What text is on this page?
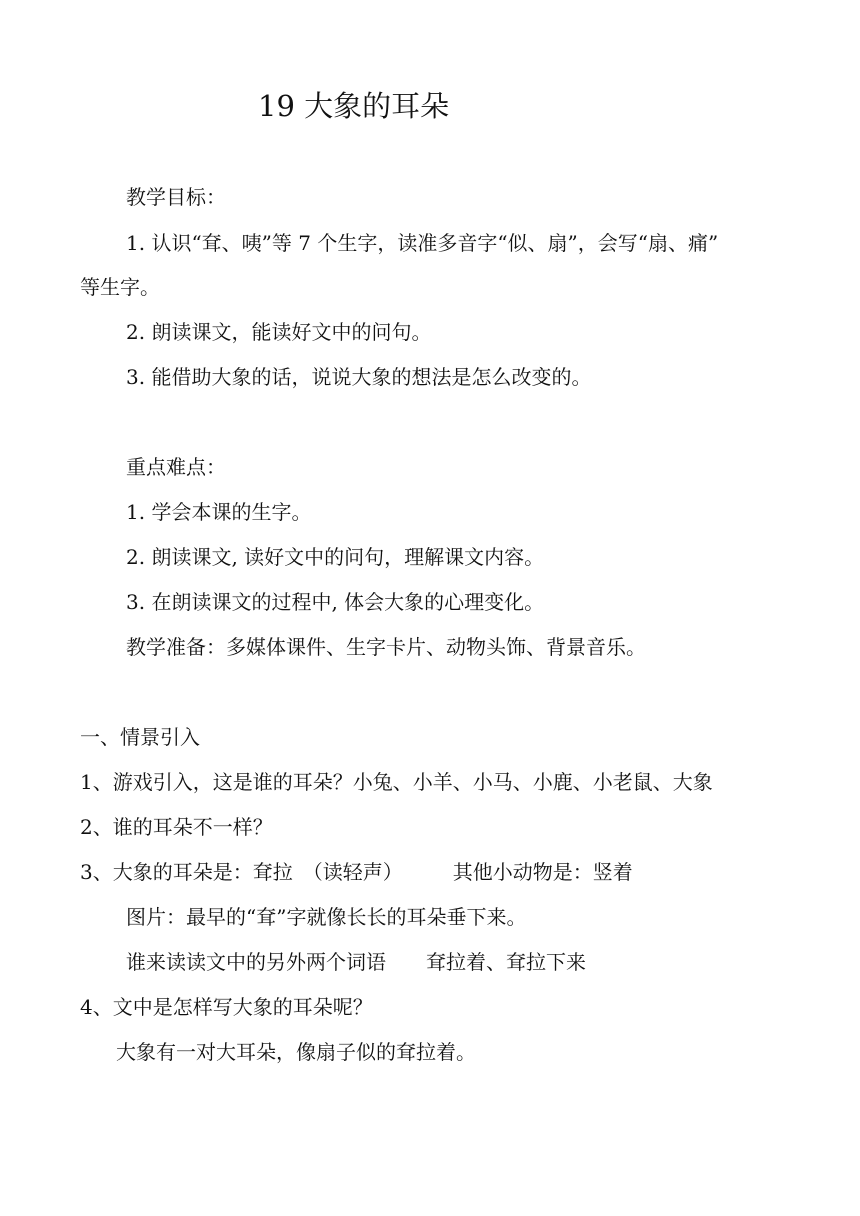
19 大象的耳朵

教学目标：

1. 认识“耷、咦”等 7 个生字，读准多音字“似、扇”，会写“扇、痛”

等生字。

2. 朗读课文，能读好文中的问句。

3. 能借助大象的话，说说大象的想法是怎么改变的。

重点难点：

1. 学会本课的生字。

2. 朗读课文, 读好文中的问句，理解课文内容。

3. 在朗读课文的过程中, 体会大象的心理变化。

教学准备：多媒体课件、生字卡片、动物头饰、背景音乐。

一、情景引入

1、游戏引入，这是谁的耳朵？小兔、小羊、小马、小鹿、小老鼠、大象

2、谁的耳朵不一样？

3、大象的耳朵是：耷拉　（读轻声）　　　其他小动物是：竖着

图片：最早的“耷”字就像长长的耳朵垂下来。

谁来读读文中的另外两个词语　　耷拉着、耷拉下来

4、文中是怎样写大象的耳朵呢？

大象有一对大耳朵，像扇子似的耷拉着。
